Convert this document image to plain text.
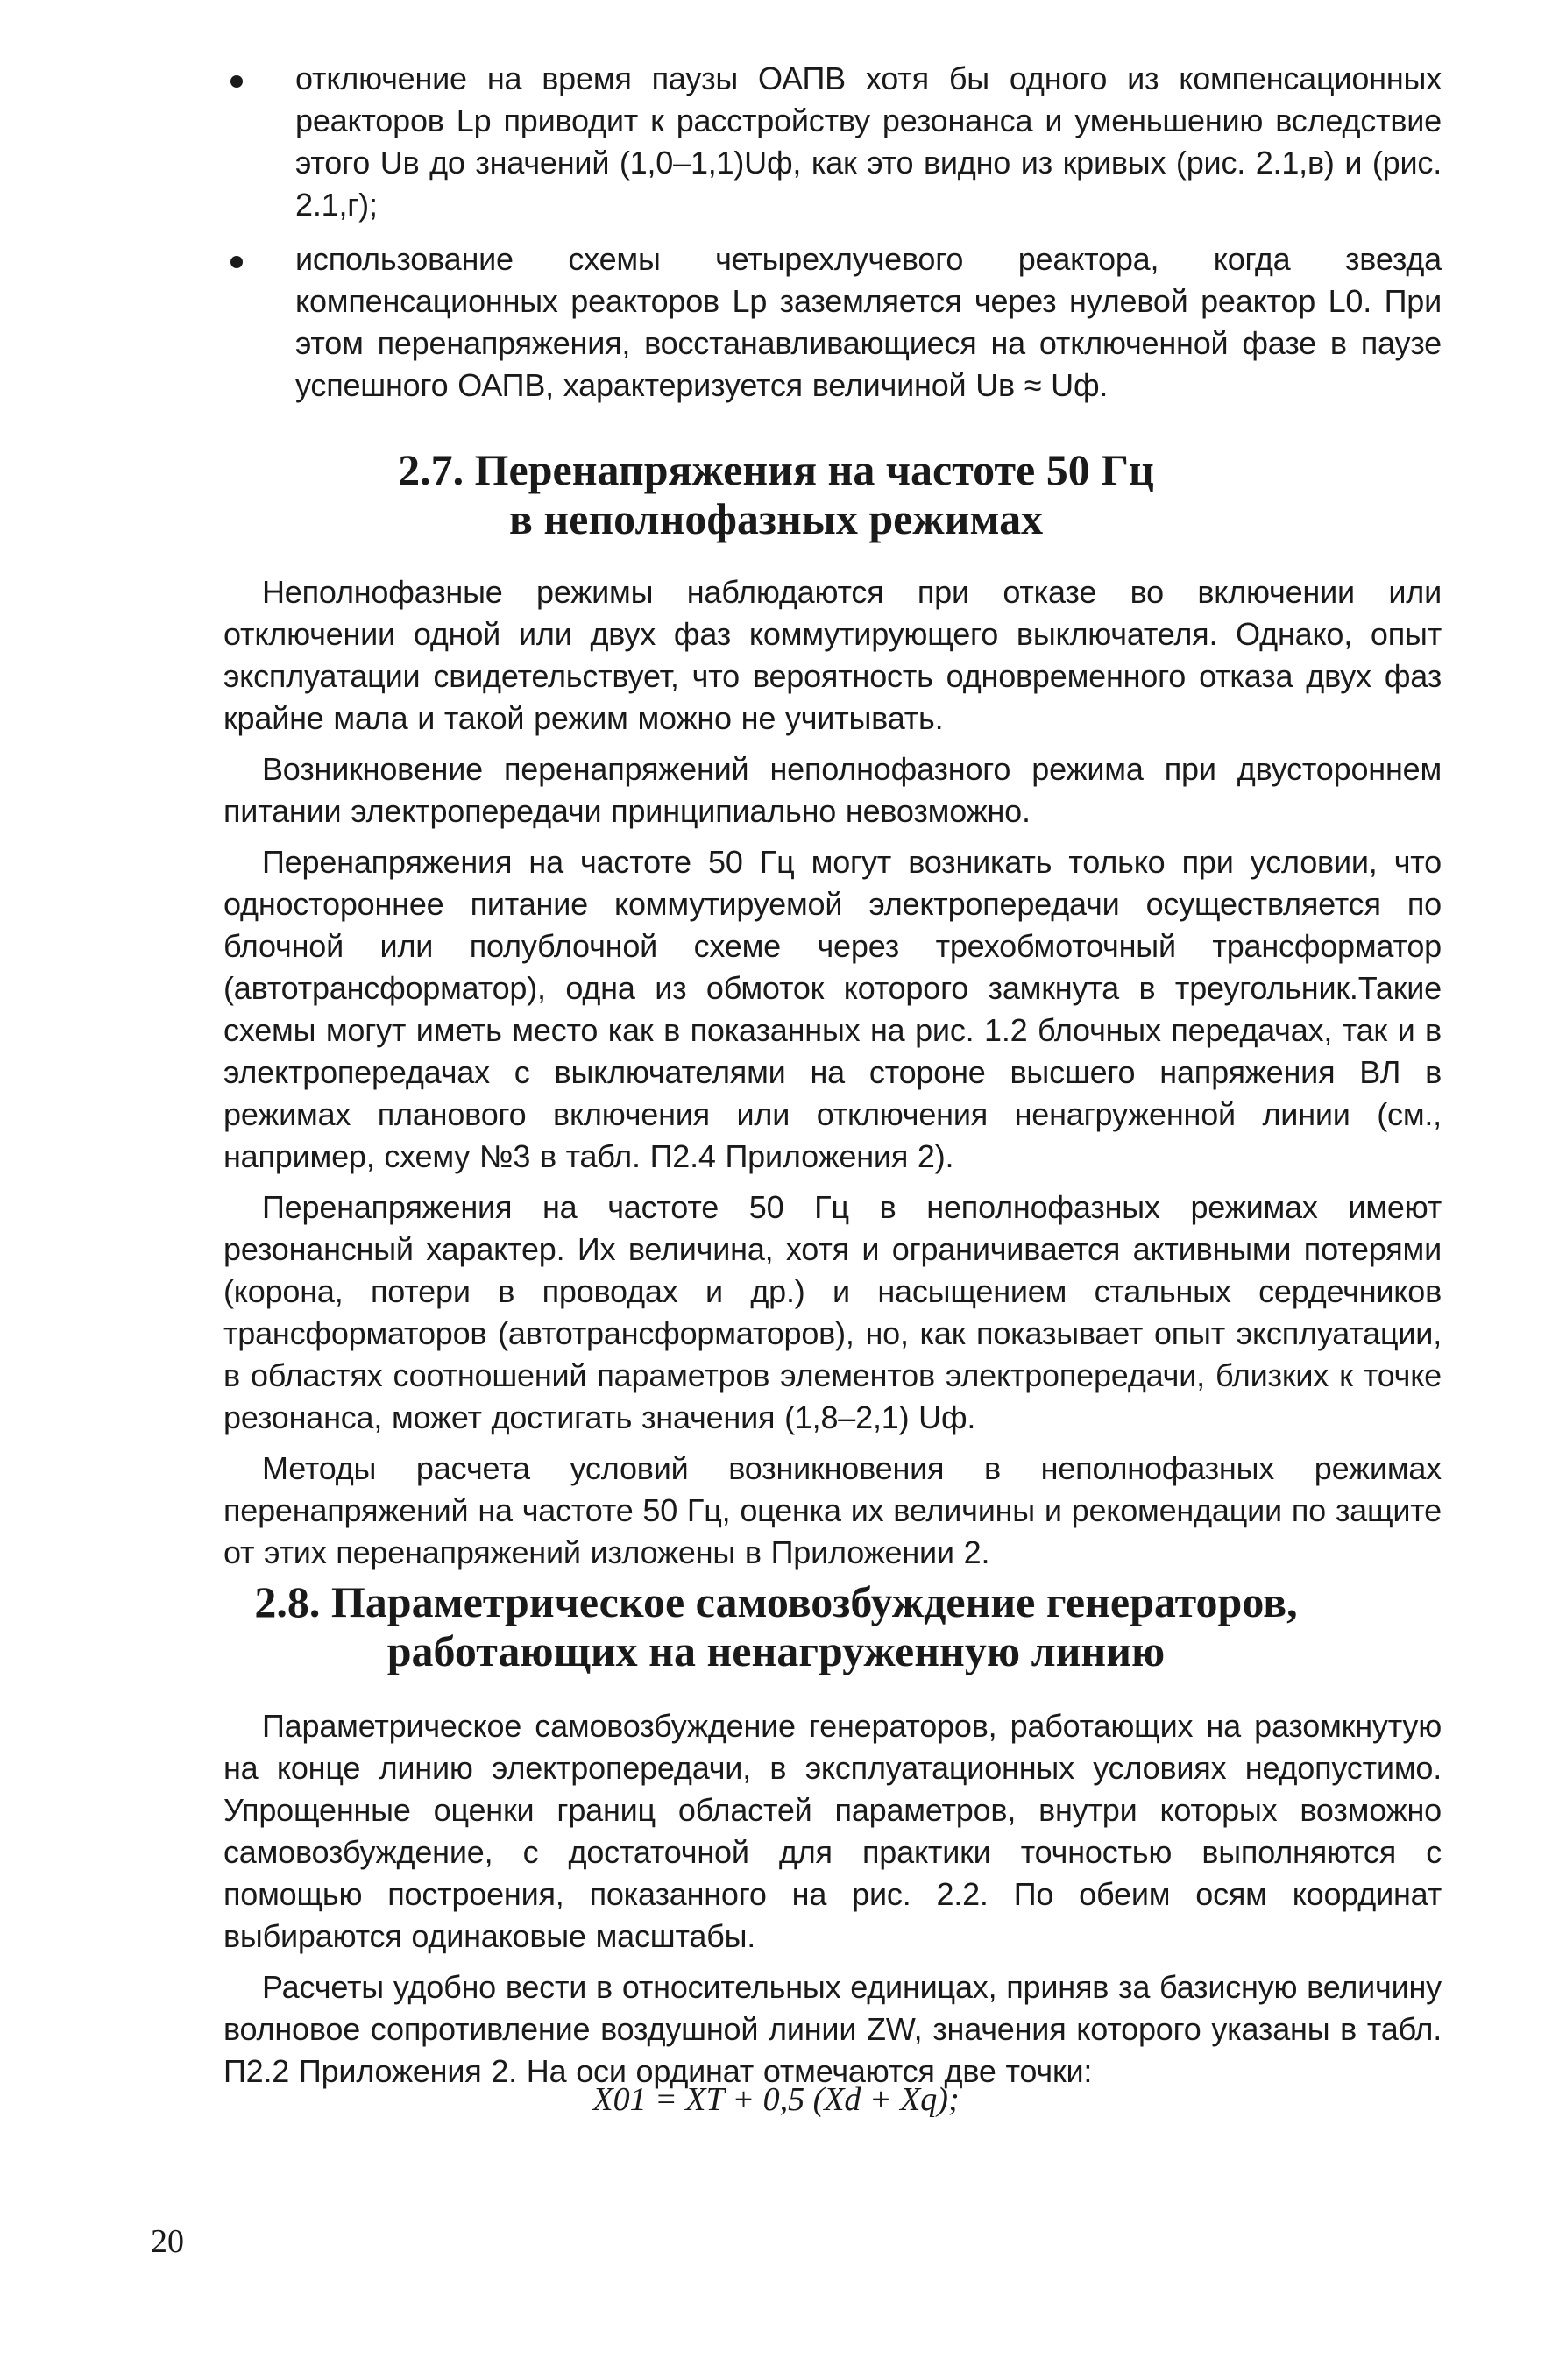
отключение на время паузы ОАПВ хотя бы одного из компенсационных реакторов Lр приводит к расстройству резонанса и уменьшению вследствие этого Uв до значений (1,0–1,1)Uф, как это видно из кривых (рис. 2.1,в) и (рис. 2.1,г);
использование схемы четырехлучевого реактора, когда звезда компенсационных реакторов Lр заземляется через нулевой реактор L0. При этом перенапряжения, восстанавливающиеся на отключенной фазе в паузе успешного ОАПВ, характеризуется величиной Uв ≈ Uф.
2.7. Перенапряжения на частоте 50 Гц
в неполнофазных режимах

Неполнофазные режимы наблюдаются при отказе во включении или отключении одной или двух фаз коммутирующего выключателя. Однако, опыт эксплуатации свидетельствует, что вероятность одновременного отказа двух фаз крайне мала и такой режим можно не учитывать.

Возникновение перенапряжений неполнофазного режима при двустороннем питании электропередачи принципиально невозможно.

Перенапряжения на частоте 50 Гц могут возникать только при условии, что одностороннее питание коммутируемой электропередачи осуществляется по блочной или полублочной схеме через трехобмоточный трансформатор (автотрансформатор), одна из обмоток которого замкнута в треугольник.Такие схемы могут иметь место как в показанных на рис. 1.2 блочных передачах, так и в электропередачах с выключателями на стороне высшего напряжения ВЛ в режимах планового включения или отключения ненагруженной линии (см., например, схему №3 в табл. П2.4 Приложения 2).

Перенапряжения на частоте 50 Гц в неполнофазных режимах имеют резонансный характер. Их величина, хотя и ограничивается активными потерями (корона, потери в проводах и др.) и насыщением стальных сердечников трансформаторов (автотрансформаторов), но, как показывает опыт эксплуатации, в областях соотношений параметров элементов электропередачи, близких к точке резонанса, может достигать значения (1,8–2,1) Uф.

Методы расчета условий возникновения в неполнофазных режимах перенапряжений на частоте 50 Гц, оценка их величины и рекомендации по защите от этих перенапряжений изложены в Приложении 2.

2.8. Параметрическое самовозбуждение генераторов,
работающих на ненагруженную линию

Параметрическое самовозбуждение генераторов, работающих на разомкнутую на конце линию электропередачи, в эксплуатационных условиях недопустимо. Упрощенные оценки границ областей параметров, внутри которых возможно самовозбуждение, с достаточной для практики точностью выполняются с помощью построения, показанного на рис. 2.2. По обеим осям координат выбираются одинаковые масштабы.

Расчеты удобно вести в относительных единицах, приняв за базисную величину волновое сопротивление воздушной линии ZW, значения которого указаны в табл. П2.2 Приложения 2. На оси ординат отмечаются две точки:

X01 = XT + 0,5 (Xd + Xq);
20
